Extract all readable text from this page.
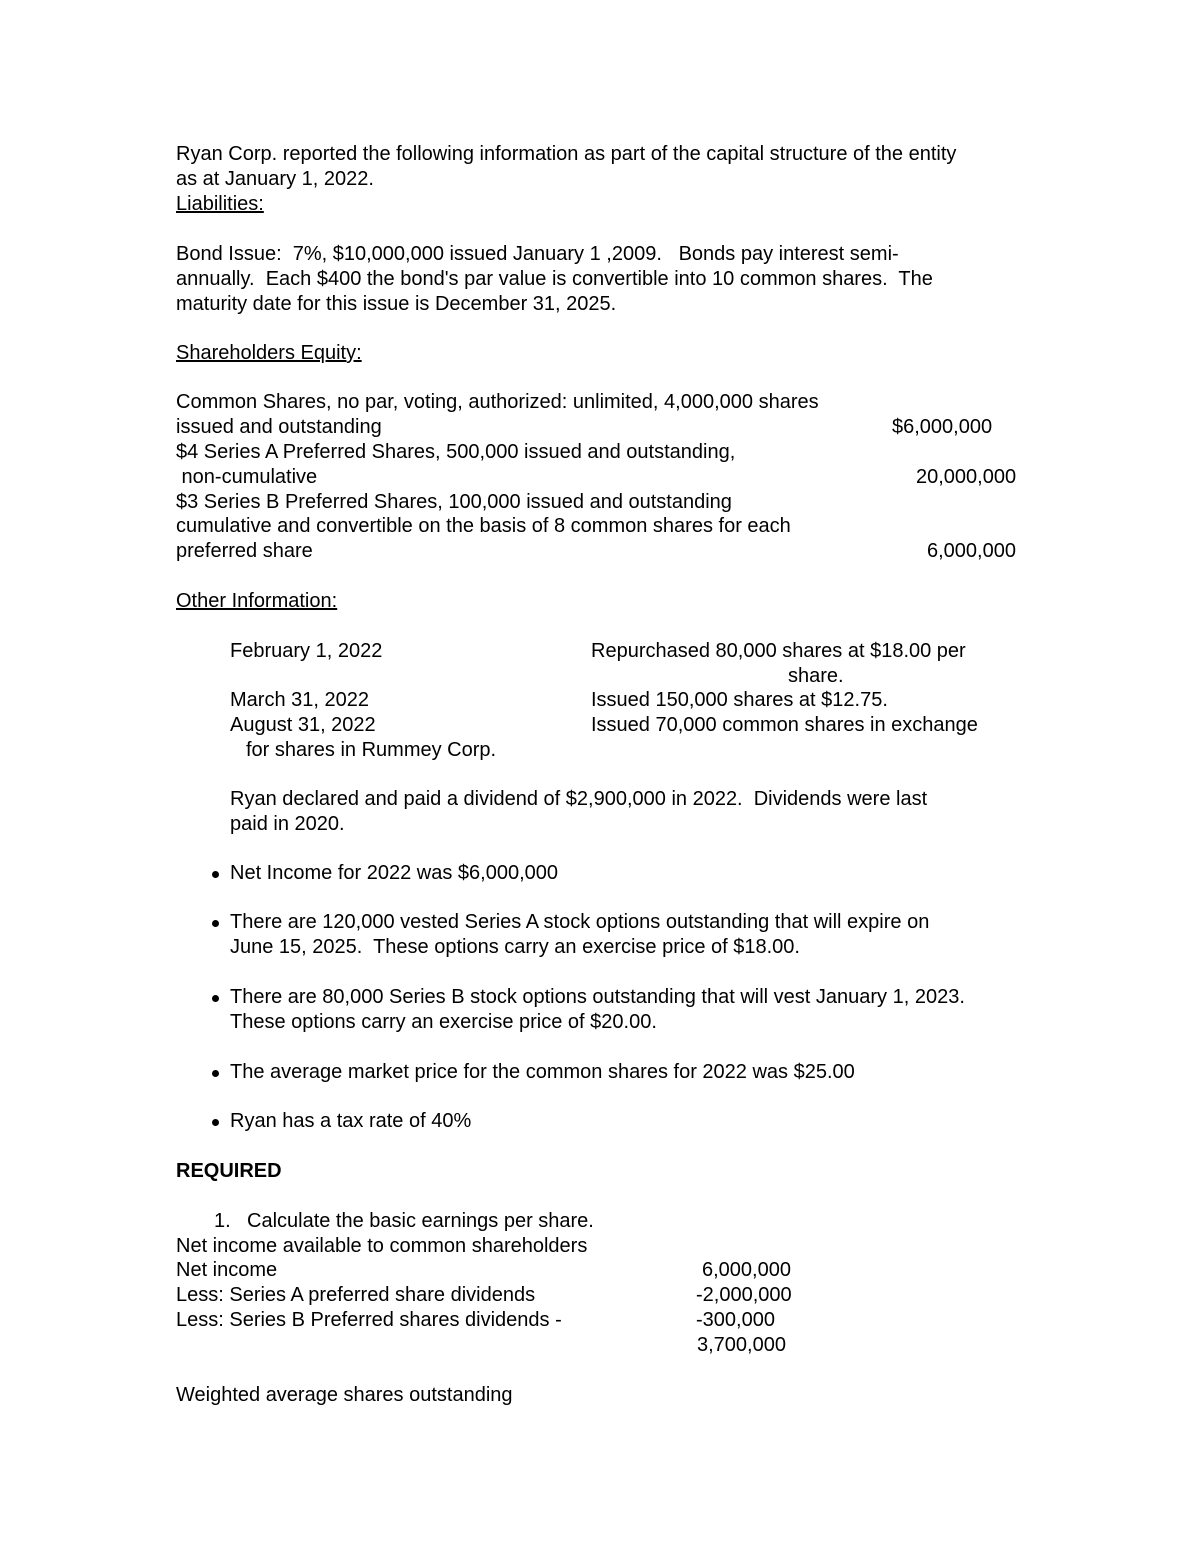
Ryan Corp. reported the following information as part of the capital structure of the entity
as at January 1, 2022.
Liabilities:
Bond Issue:  7%, $10,000,000 issued January 1 ,2009.   Bonds pay interest semi-
annually.  Each $400 the bond's par value is convertible into 10 common shares.  The
maturity date for this issue is December 31, 2025.
Shareholders Equity:
Common Shares, no par, voting, authorized: unlimited, 4,000,000 shares
issued and outstanding	$6,000,000
$4 Series A Preferred Shares, 500,000 issued and outstanding,
non-cumulative	20,000,000
$3 Series B Preferred Shares, 100,000 issued and outstanding
cumulative and convertible on the basis of 8 common shares for each
preferred share	6,000,000
Other Information:
February 1, 2022	Repurchased 80,000 shares at $18.00 per
share.
March 31, 2022	Issued 150,000 shares at $12.75.
August 31, 2022	Issued 70,000 common shares in exchange
for shares in Rummey Corp.
Ryan declared and paid a dividend of $2,900,000 in 2022.  Dividends were last
paid in 2020.
Net Income for 2022 was $6,000,000
There are 120,000 vested Series A stock options outstanding that will expire on
June 15, 2025.  These options carry an exercise price of $18.00.
There are 80,000 Series B stock options outstanding that will vest January 1, 2023.
These options carry an exercise price of $20.00.
The average market price for the common shares for 2022 was $25.00
Ryan has a tax rate of 40%
REQUIRED
1. Calculate the basic earnings per share.
Net income available to common shareholders
Net income	6,000,000
Less: Series A preferred share dividends	-2,000,000
Less: Series B Preferred shares dividends -	-300,000
3,700,000
Weighted average shares outstanding
